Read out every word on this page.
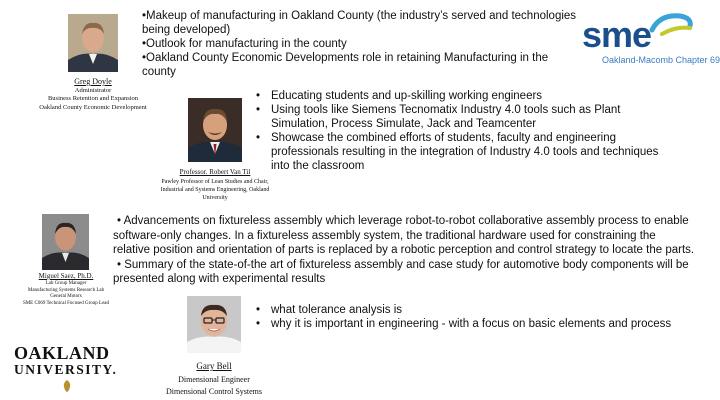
sme
Oakland-Macomb Chapter 69
Greg Doyle
Administrator
Business Retention and Expansion
Oakland County Economic Development

•Makeup of manufacturing in Oakland County (the industry’s served and technologies being developed)

•Outlook for manufacturing in the county

•Oakland County Economic Developments role in retaining Manufacturing in the county

Professor. Robert Van Til
Pawley Professor of Lean Studies and Chair,
Industrial and Systems Engineering, Oakland
University
• Educating students and up-skilling working engineers
• Using tools like Siemens Tecnomatix Industry 4.0 tools such as Plant Simulation, Process Simulate, Jack and Teamcenter
• Showcase the combined efforts of students, faculty and engineering professionals resulting in the integration of Industry 4.0 tools and techniques into the classroom
Miguel Saez, Ph.D.
Lab Group Manager
Manufacturing Systems Research Lab
General Motors
SME C069 Technical Focused Group Lead
• Advancements on fixtureless assembly which leverage robot-to-robot collaborative assembly process to enable software-only changes. In a fixtureless assembly system, the traditional hardware used for constraining the relative position and orientation of parts is replaced by a robotic perception and control strategy to locate the parts.
• Summary of the state-of-the art of fixtureless assembly and case study for automotive body components will be presented along with experimental results
Gary Bell
Dimensional Engineer
Dimensional Control Systems
• what tolerance analysis is
• why it is important in engineering - with a focus on basic elements and process
OAKLAND
UNIVERSITY.
